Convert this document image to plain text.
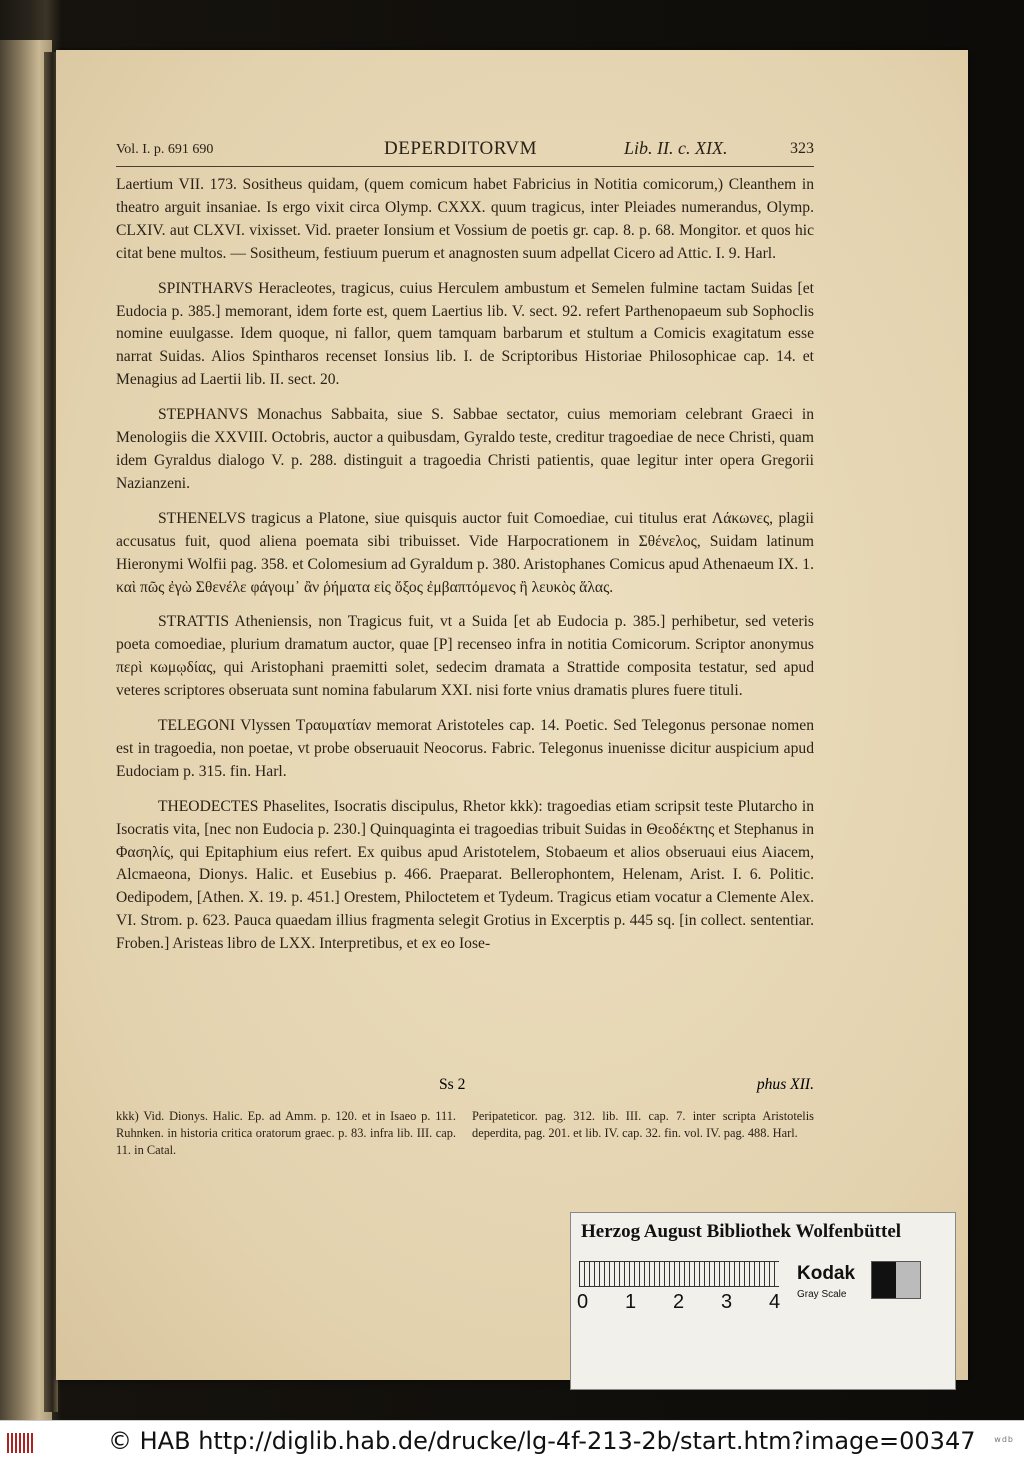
Vol. I. p. 691 690	DEPERDITORVM	Lib. II. c. XIX.	323

Laertium VII. 173. Sositheus quidam, (quem comicum habet Fabricius in Notitia comicorum,) Cleanthem in theatro arguit insaniae. Is ergo vixit circa Olymp. CXXX. quum tragicus, inter Pleiades numerandus, Olymp. CLXIV. aut CLXVI. vixisset. Vid. praeter Ionsium et Vossium de poetis gr. cap. 8. p. 68. Mongitor. et quos hic citat bene multos. — Sositheum, festiuum puerum et anagnosten suum adpellat Cicero ad Attic. I. 9. Harl.

SPINTHARVS Heracleotes, tragicus, cuius Herculem ambustum et Semelen fulmine tactam Suidas [et Eudocia p. 385.] memorant, idem forte est, quem Laertius lib. V. sect. 92. refert Parthenopaeum sub Sophoclis nomine euulgasse. Idem quoque, ni fallor, quem tamquam barbarum et stultum a Comicis exagitatum esse narrat Suidas. Alios Spintharos recenset Ionsius lib. I. de Scriptoribus Historiae Philosophicae cap. 14. et Menagius ad Laertii lib. II. sect. 20.

STEPHANVS Monachus Sabbaita, siue S. Sabbae sectator, cuius memoriam celebrant Graeci in Menologiis die XXVIII. Octobris, auctor a quibusdam, Gyraldo teste, creditur tragoediae de nece Christi, quam idem Gyraldus dialogo V. p. 288. distinguit a tragoedia Christi patientis, quae legitur inter opera Gregorii Nazianzeni.

STHENELVS tragicus a Platone, siue quisquis auctor fuit Comoediae, cui titulus erat Λάκωνες, plagii accusatus fuit, quod aliena poemata sibi tribuisset. Vide Harpocrationem in Σθένελος, Suidam latinum Hieronymi Wolfii pag. 358. et Colomesium ad Gyraldum p. 380. Aristophanes Comicus apud Athenaeum IX. 1. καὶ πῶς ἐγὼ Σθενέλε φάγοιμ᾽ ἂν ῥήματα εἰς ὄξος ἐμβαπτόμενος ἢ λευκὸς ἅλας.

STRATTIS Atheniensis, non Tragicus fuit, vt a Suida [et ab Eudocia p. 385.] perhibetur, sed veteris poeta comoediae, plurium dramatum auctor, quae [P] recenseo infra in notitia Comicorum. Scriptor anonymus περὶ κωμῳδίας, qui Aristophani praemitti solet, sedecim dramata a Strattide composita testatur, sed apud veteres scriptores obseruata sunt nomina fabularum XXI. nisi forte vnius dramatis plures fuere tituli.

TELEGONI Vlyssen Τραυματίαν memorat Aristoteles cap. 14. Poetic. Sed Telegonus personae nomen est in tragoedia, non poetae, vt probe obseruauit Neocorus. Fabric. Telegonus inuenisse dicitur auspicium apud Eudociam p. 315. fin. Harl.

THEODECTES Phaselites, Isocratis discipulus, Rhetor kkk): tragoedias etiam scripsit teste Plutarcho in Isocratis vita, [nec non Eudocia p. 230.] Quinquaginta ei tragoedias tribuit Suidas in Θεοδέκτης et Stephanus in Φασηλίς, qui Epitaphium eius refert. Ex quibus apud Aristotelem, Stobaeum et alios obseruaui eius Aiacem, Alcmaeona, Dionys. Halic. et Eusebius p. 466. Praeparat. Bellerophontem, Helenam, Arist. I. 6. Politic. Oedipodem, [Athen. X. 19. p. 451.] Orestem, Philoctetem et Tydeum. Tragicus etiam vocatur a Clemente Alex. VI. Strom. p. 623. Pauca quaedam illius fragmenta selegit Grotius in Excerptis p. 445 sq. [in collect. sententiar. Froben.] Aristeas libro de LXX. Interpretibus, et ex eo Iose-

Ss 2	phus XII.

kkk) Vid. Dionys. Halic. Ep. ad Amm. p. 120. et in Isaeo p. 111. Ruhnken. in historia critica oratorum graec. p. 83. infra lib. III. cap. 11. in Catal.

Peripateticor. pag. 312. lib. III. cap. 7. inter scripta Aristotelis deperdita, pag. 201. et lib. IV. cap. 32. fin. vol. IV. pag. 488. Harl.

Herzog August Bibliothek Wolfenbüttel
Kodak
Gray Scale
0 1 2 3 4
© HAB http://diglib.hab.de/drucke/lg-4f-213-2b/start.htm?image=00347 wdb
